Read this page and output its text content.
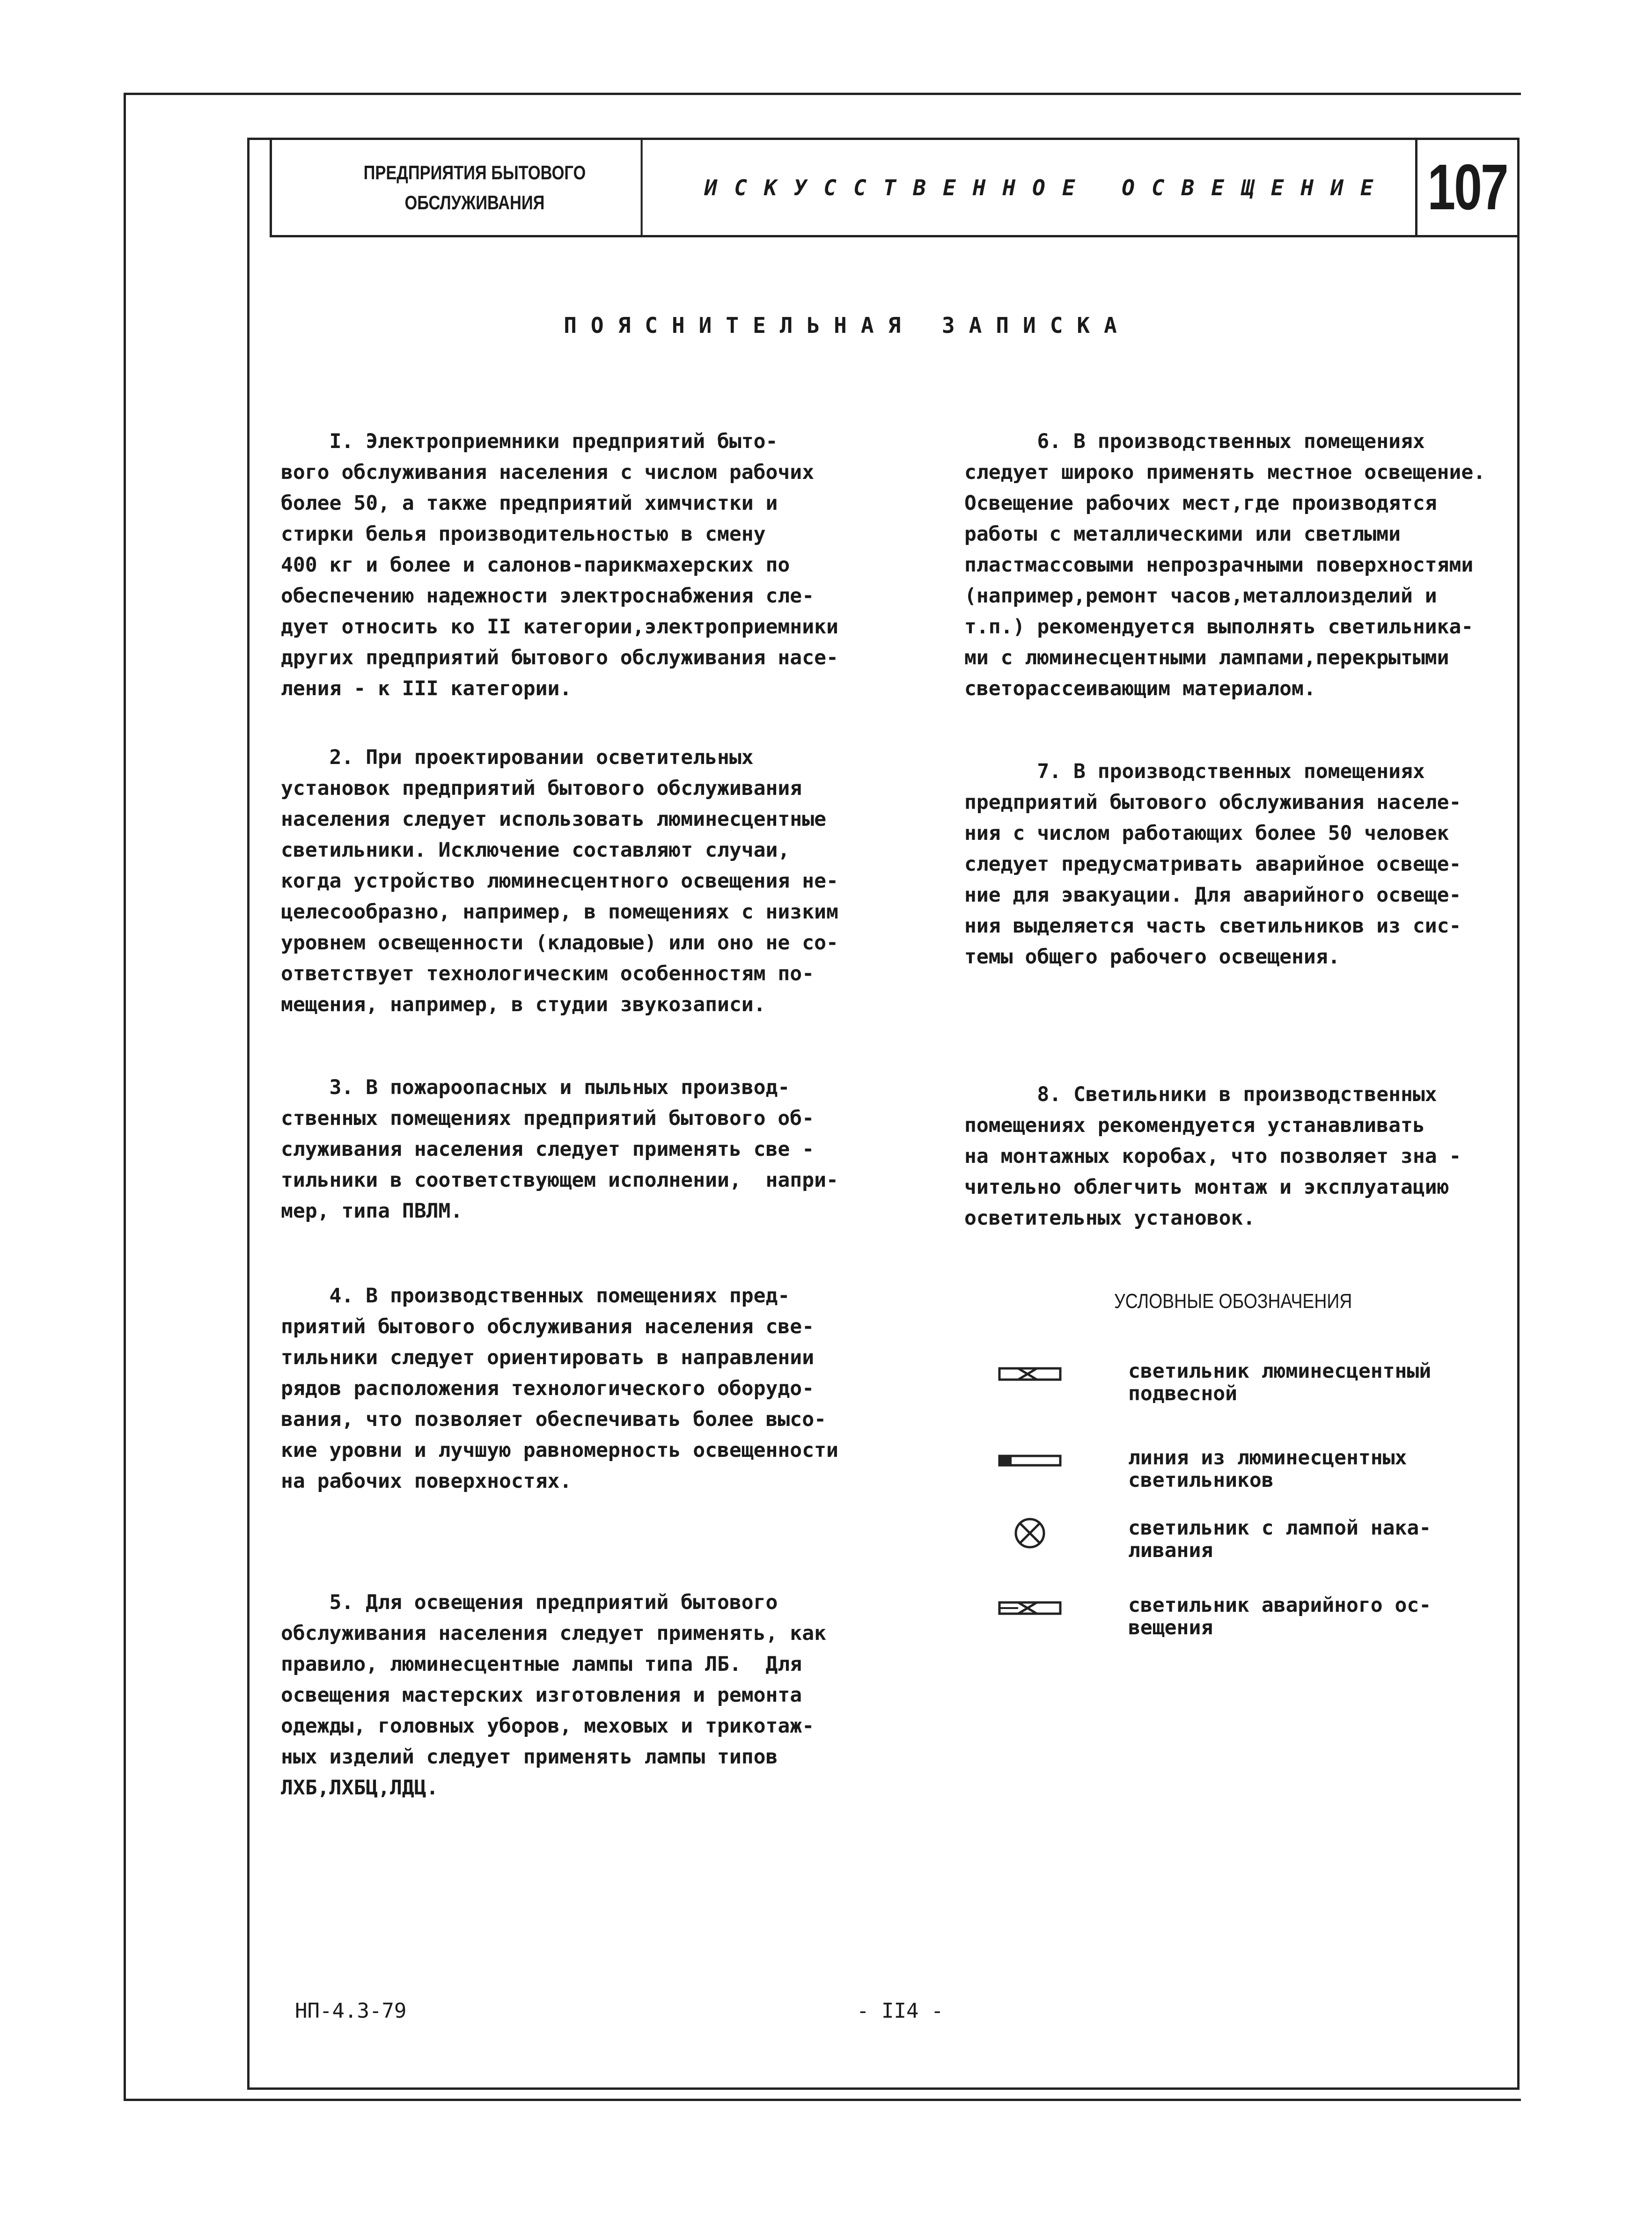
ПРЕДПРИЯТИЯ БЫТОВОГО
ОБСЛУЖИВАНИЯ
ИСКУССТВЕННОЕ ОСВЕЩЕНИЕ 107
ПОЯСНИТЕЛЬНАЯ ЗАПИСКА

I. Электроприемники предприятий быто-
вого обслуживания населения с числом рабочих
более 50, а также предприятий химчистки и
стирки белья производительностью в смену
400 кг и более и салонов-парикмахерских по
обеспечению надежности электроснабжения сле-
дует относить ко II категории,электроприемники
других предприятий бытового обслуживания насе-
ления - к III категории.

2. При проектировании осветительных
установок предприятий бытового обслуживания
населения следует использовать люминесцентные
светильники. Исключение составляют случаи,
когда устройство люминесцентного освещения не-
целесообразно, например, в помещениях с низким
уровнем освещенности (кладовые) или оно не со-
ответствует технологическим особенностям по-
мещения, например, в студии звукозаписи.

3. В пожароопасных и пыльных производ-
ственных помещениях предприятий бытового об-
служивания населения следует применять све -
тильники в соответствующем исполнении,  напри-
мер, типа ПВЛМ.

4. В производственных помещениях пред-
приятий бытового обслуживания населения све-
тильники следует ориентировать в направлении
рядов расположения технологического оборудо-
вания, что позволяет обеспечивать более высо-
кие уровни и лучшую равномерность освещенности
на рабочих поверхностях.

5. Для освещения предприятий бытового
обслуживания населения следует применять, как
правило, люминесцентные лампы типа ЛБ.  Для
освещения мастерских изготовления и ремонта
одежды, головных уборов, меховых и трикотаж-
ных изделий следует применять лампы типов
ЛХБ,ЛХБЦ,ЛДЦ.

6. В производственных помещениях
следует широко применять местное освещение.
Освещение рабочих мест,где производятся
работы с металлическими или светлыми
пластмассовыми непрозрачными поверхностями
(например,ремонт часов,металлоизделий и
т.п.) рекомендуется выполнять светильника-
ми с люминесцентными лампами,перекрытыми
светорассеивающим материалом.

7. В производственных помещениях
предприятий бытового обслуживания населе-
ния с числом работающих более 50 человек
следует предусматривать аварийное освеще-
ние для эвакуации. Для аварийного освеще-
ния выделяется часть светильников из сис-
темы общего рабочего освещения.

8. Светильники в производственных
помещениях рекомендуется устанавливать
на монтажных коробах, что позволяет зна -
чительно облегчить монтаж и эксплуатацию
осветительных установок.

УСЛОВНЫЕ ОБОЗНАЧЕНИЯ
светильник люминесцентный
подвесной
линия из люминесцентных
светильников
светильник с лампой нака-
ливания
светильник аварийного ос-
вещения
НП-4.3-79	- II4 -
